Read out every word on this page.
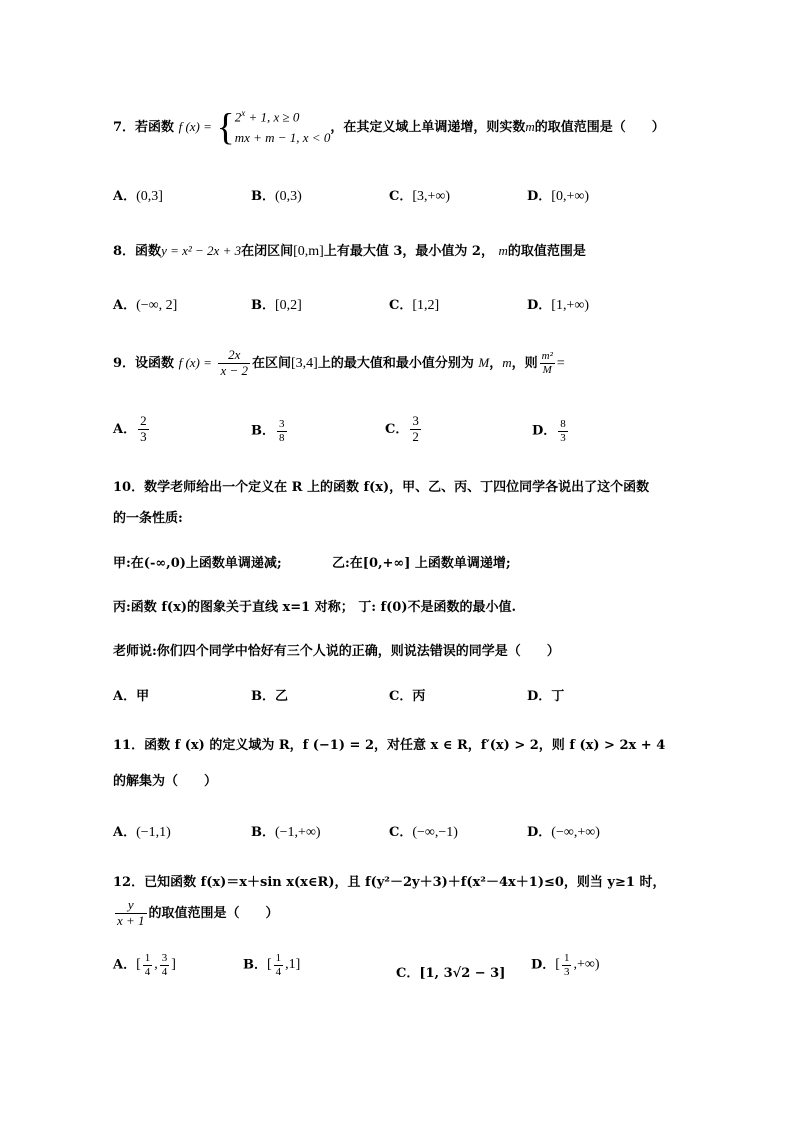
7．若函数 f (x) = { $2^x + 1$, x ≥ 0
mx + m − 1, x < 0
，在其定义域上单调递增，则实数m的取值范围是（　　）
A．(0,3]	B．(0,3)	C．[3,+∞)	D．[0,+∞)
8．函数y = x² − 2x + 3在闭区间[0,m]上有最大值 3，最小值为 2， m的取值范围是
A．(−∞, 2]	B．[0,2]	C．[1,2]	D．[1,+∞)
9．设函数 f $(x) = \frac{2x}{x - 2}$ 在区间[3,4]上的最大值和最小值分别为 M，m，则 $\frac{\text{m²}}{M}$ =
A． $\frac{2}{3}$	B． $\frac{3}{8}$	C． $\frac{3}{2}$	D． $\frac{8}{3}$
10．数学老师给出一个定义在 R 上的函数 f(x)，甲、乙、丙、丁四位同学各说出了这个函数
的一条性质:
甲:在(-∞,0)上函数单调递减;	乙:在[0,+∞] 上函数单调递增;
丙:函数 f(x)的图象关于直线 x=1 对称； 丁: f(0)不是函数的最小值.
老师说:你们四个同学中恰好有三个人说的正确，则说法错误的同学是（　　）
A．甲	B．乙	C．丙	D．丁
11．函数 f (x) 的定义域为 R，f (−1) = 2，对任意 x ∈ R，f′(x) > 2，则 f (x) > 2x + 4
的解集为（　　）
A．(−1,1)	B．(−1,+∞)	C．(−∞,−1)	D．(−∞,+∞)
12．已知函数 f(x)＝x＋sin x(x∈R)，且 f(y²－2y＋3)＋f(x²－4x＋1)≤0，则当 y≥1 时，
$\frac{y}{x + 1}$ 的取值范围是（　　）
A．[ $\frac{1}{4}$ , $\frac{3}{4}$ ]	B．[ $\frac{1}{4} ,1$]
C．[1, 3√2 − 3]
D．[ $\frac{1}{3}$ ,+∞)
